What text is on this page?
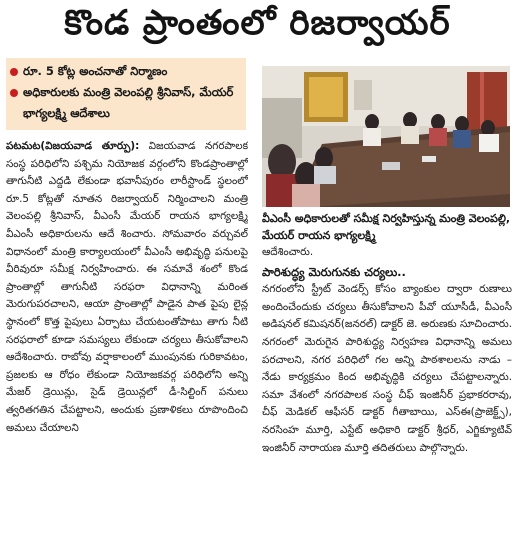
కొండ ప్రాంతంలో రిజర్వాయర్
రూ. 5 కోట్ల అంచనాతో నిర్మాణం
అధికారులకు మంత్రి వెలంపల్లి శ్రీనివాస్, మేయర్ భాగ్యలక్ష్మి ఆదేశాలు
పటమట(విజయవాడ తూర్పు): విజయవాడ నగరపాలక సంస్థ పరిధిలోని పశ్చిమ నియోజక వర్గంలోని కొండప్రాంతాల్లో తాగునీటి ఎద్దడి లేకుండా భవానీపురం లారీస్టాండ్ స్థలంలో రూ.5 కోట్లతో నూతన రిజర్వాయర్ నిర్మించాలని మంత్రి వెలంపల్లి శ్రీనివాస్, వీఎంసీ మేయర్ రాయన భాగ్యలక్ష్మి వీఎంసీ అధికారులను ఆదే శించారు. సోమవారం వర్చువల్ విధానంలో మంత్రి కార్యాలయంలో వీఎంసీ అభివృద్ధి పనులపై వీరివురూ సమీక్ష నిర్వహించారు. ఈ సమావే శంలో కొండ ప్రాంతాల్లో తాగునీటి సరఫరా విధానాన్ని మరింత మెరుగుపరచాలని, ఆయా ప్రాంతాల్లో పాడైన పాత పైపు లైన్ల స్థానంలో కొత్త పైపులు ఏర్పాటు చేయటంతోపాటు తాగు నీటి సరఫరాలో కూడా సమస్యలు లేకుండా చర్యలు తీసుకోవాలని ఆదేశించారు. రాబోవు వర్షాకాలంలో ముంపునకు గురికావటం, ప్రజలకు ఆ రోధం లేకుండా నియోజకవర్గ పరిధిలోని అన్ని మేజర్ డ్రెయిన్లు, సైడ్ డ్రెయిన్లలో డీ-సిల్టింగ్ పనులు త్వరితగతిన చేపట్టాలని, అందుకు ప్రణాళికలు రూపొందించి అమలు చేయాలని
వీఎంసీ అధికారులతో సమీక్ష నిర్వహిస్తున్న మంత్రి వెలంపల్లి, మేయర్ రాయన భాగ్యలక్ష్మి
ఆదేశించారు.
పారిశుద్ధ్య మెరుగునకు చర్యలు..
నగరంలోని స్ట్రీట్ వెండర్స్ కోసం బ్యాంకుల ద్వారా రుణాలు అందించేందుకు చర్యలు తీసుకోవాలని పీవో యూసీడీ, వీఎంసీ అడిషనల్ కమిషనర్(జనరల్) డాక్టర్ జె. అరుణకు సూచించారు. నగరంలో మెరుగైన పారిశుద్ధ్య నిర్వహణ విధానాన్ని అమలు పరచాలని, నగర పరిధిలో గల అన్ని పాఠశాలలను నాడు – నేడు కార్యక్రమం కింద అభివృద్ధికి చర్యలు చేపట్టాలన్నారు. సమా వేశంలో నగరపాలక సంస్థ చీఫ్ ఇంజినీర్ ప్రభాకరరావు, చీఫ్ మెడికల్ ఆఫీసర్ డాక్టర్ గీతాబాయి, ఎస్ఈ(ప్రాజెక్ట్స్), నరసింహ మూర్తి, ఎస్టేట్ అధికారి డాక్టర్ శ్రీధర్, ఎగ్జిక్యూటివ్ ఇంజినీర్ నారాయణ మూర్తి తదితరులు పాల్గొన్నారు.
